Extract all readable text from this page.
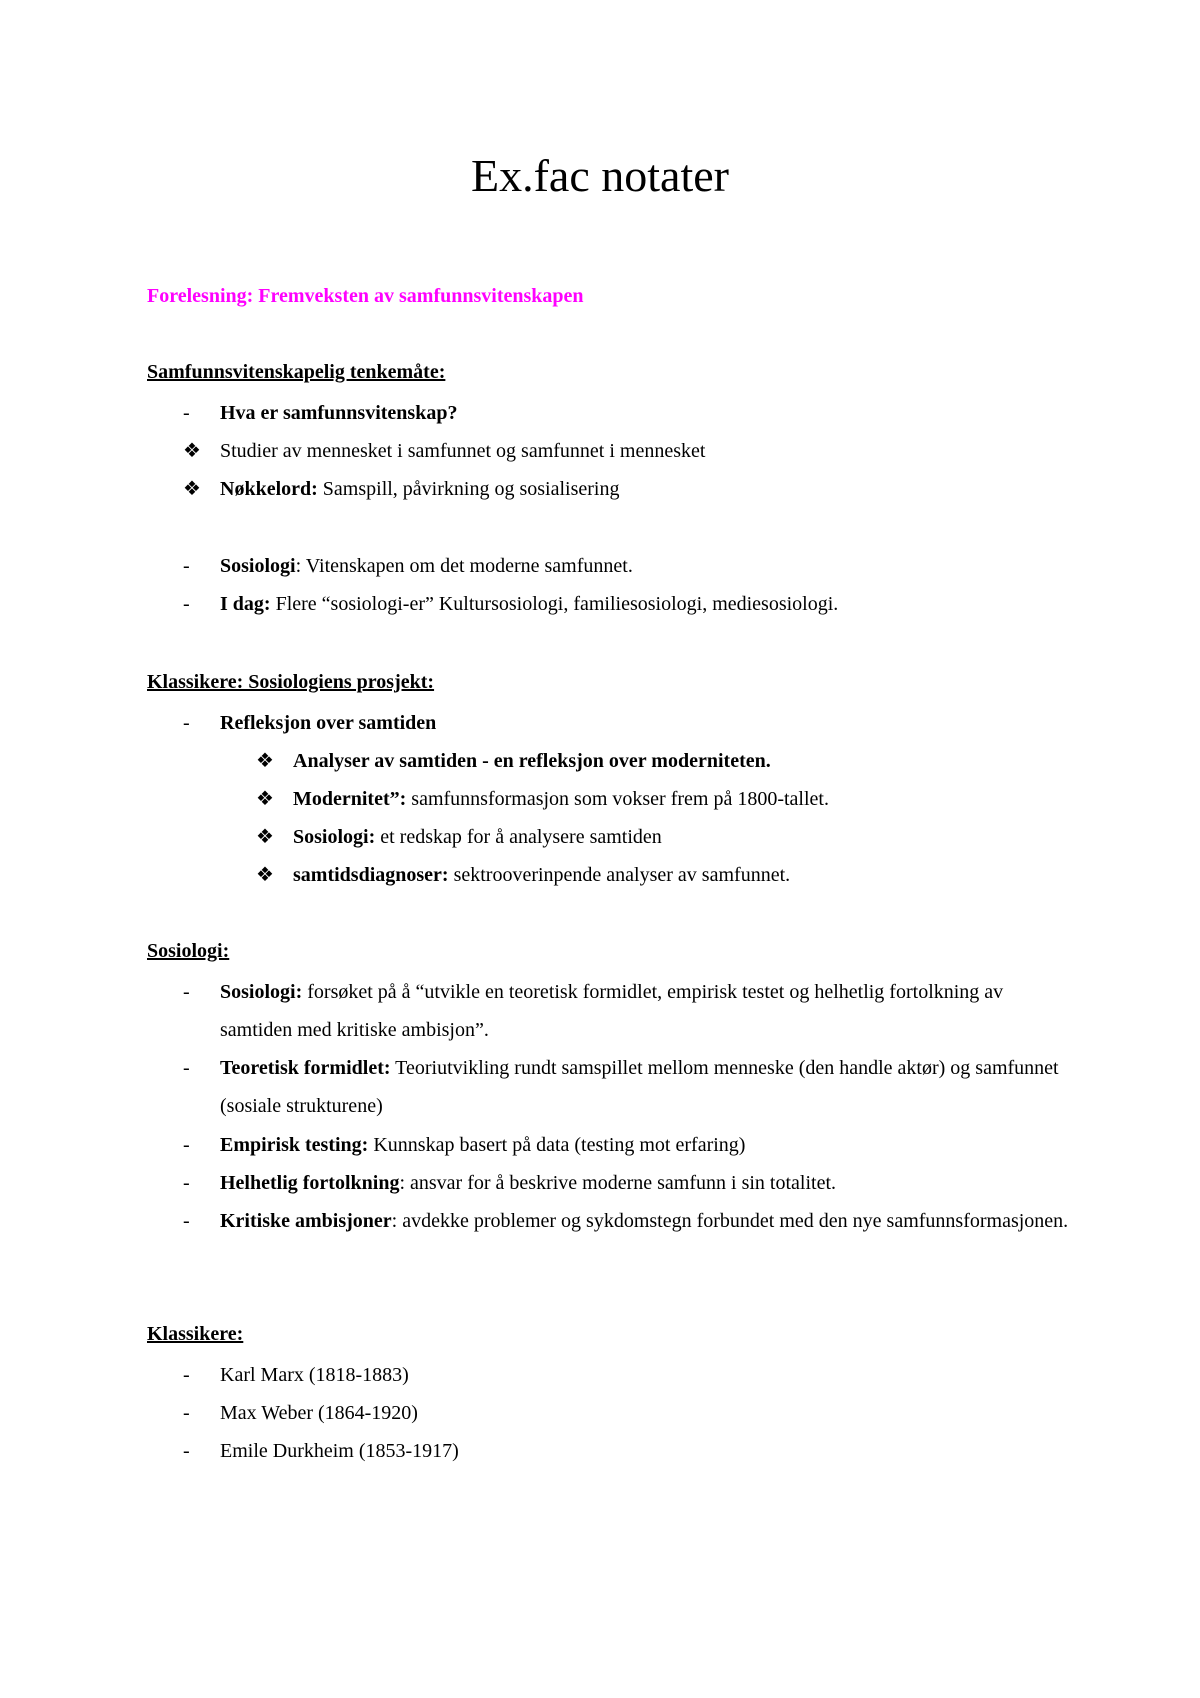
Ex.fac notater
Forelesning: Fremveksten av samfunnsvitenskapen
Samfunnsvitenskapelig tenkemåte:
-	Hva er samfunnsvitenskap?
❖ Studier av mennesket i samfunnet og samfunnet i mennesket
❖ Nøkkelord: Samspill, påvirkning og sosialisering
-	Sosiologi: Vitenskapen om det moderne samfunnet.
-	I dag: Flere “sosiologi-er” Kultursosiologi, familiesosiologi, mediesosiologi.
Klassikere: Sosiologiens prosjekt:
-	Refleksjon over samtiden
❖ Analyser av samtiden - en refleksjon over moderniteten.
❖ Modernitet”: samfunnsformasjon som vokser frem på 1800-tallet.
❖ Sosiologi: et redskap for å analysere samtiden
❖ samtidsdiagnoser: sektrooverinpende analyser av samfunnet.
Sosiologi:
-	Sosiologi: forsøket på å “utvikle en teoretisk formidlet, empirisk testet og helhetlig fortolkning av samtiden med kritiske ambisjon”.
-	Teoretisk formidlet: Teoriutvikling rundt samspillet mellom menneske (den handle aktør) og samfunnet (sosiale strukturene)
-	Empirisk testing: Kunnskap basert på data (testing mot erfaring)
-	Helhetlig fortolkning: ansvar for å beskrive moderne samfunn i sin totalitet.
-	Kritiske ambisjoner: avdekke problemer og sykdomstegn forbundet med den nye samfunnsformasjonen.
Klassikere:
-	Karl Marx (1818-1883)
-	Max Weber (1864-1920)
-	Emile Durkheim (1853-1917)
